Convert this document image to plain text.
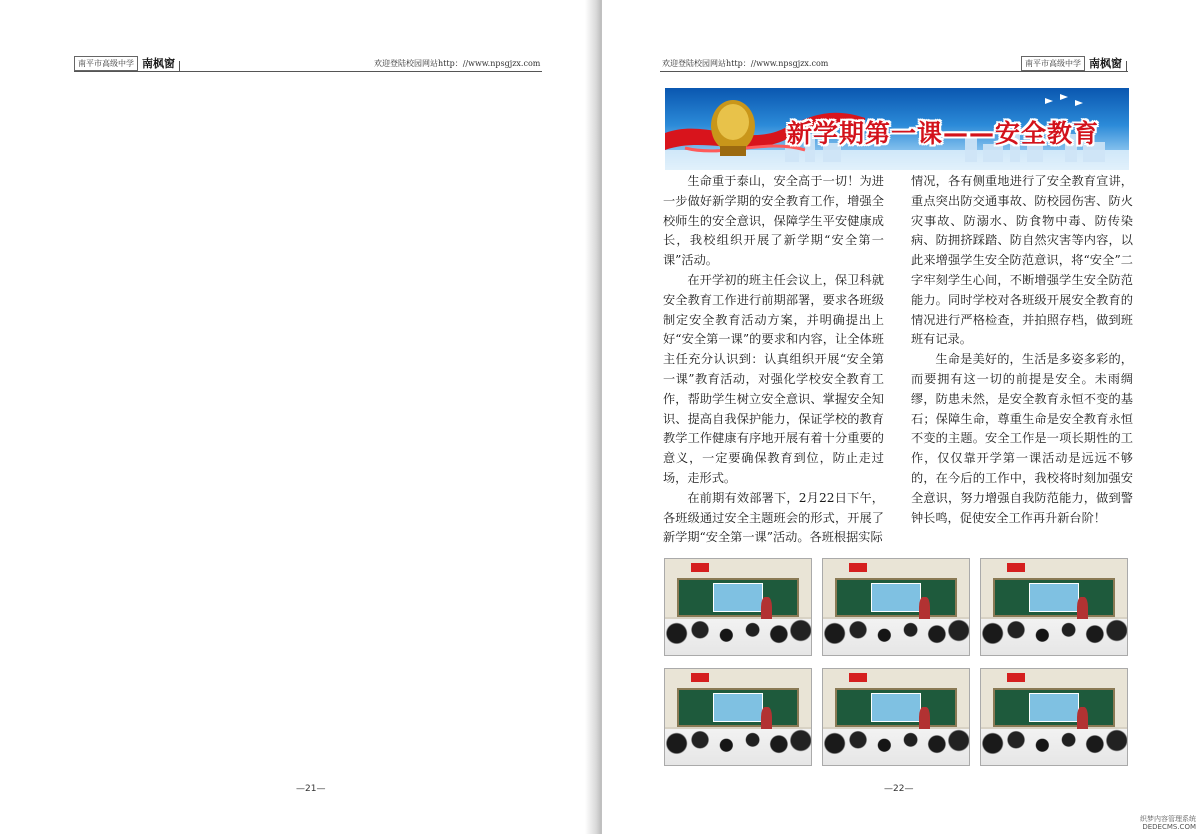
南平市高级中学 南枫窗	欢迎登陆校园网站http：//www.npsgjzx.com
—21—
欢迎登陆校园网站http：//www.npsgjzx.com	南平市高级中学 南枫窗
新学期第一课——安全教育

生命重于泰山，安全高于一切！为进一步做好新学期的安全教育工作，增强全校师生的安全意识，保障学生平安健康成长，我校组织开展了新学期“安全第一课”活动。

在开学初的班主任会议上，保卫科就安全教育工作进行前期部署，要求各班级制定安全教育活动方案，并明确提出上好“安全第一课”的要求和内容，让全体班主任充分认识到：认真组织开展“安全第一课”教育活动，对强化学校安全教育工作，帮助学生树立安全意识、掌握安全知识、提高自我保护能力，保证学校的教育教学工作健康有序地开展有着十分重要的意义，一定要确保教育到位，防止走过场，走形式。

在前期有效部署下，2月22日下午，各班级通过安全主题班会的形式，开展了新学期“安全第一课”活动。各班根据实际

情况，各有侧重地进行了安全教育宣讲，重点突出防交通事故、防校园伤害、防火灾事故、防溺水、防食物中毒、防传染病、防拥挤踩踏、防自然灾害等内容，以此来增强学生安全防范意识，将“安全”二字牢刻学生心间，不断增强学生安全防范能力。同时学校对各班级开展安全教育的情况进行严格检查，并拍照存档，做到班班有记录。

生命是美好的，生活是多姿多彩的，而要拥有这一切的前提是安全。未雨绸缪，防患未然，是安全教育永恒不变的基石；保障生命，尊重生命是安全教育永恒不变的主题。安全工作是一项长期性的工作，仅仅靠开学第一课活动是远远不够的，在今后的工作中，我校将时刻加强安全意识，努力增强自我防范能力，做到警钟长鸣，促使安全工作再升新台阶！

—22—
织梦内容管理系统
DEDECMS.COM
